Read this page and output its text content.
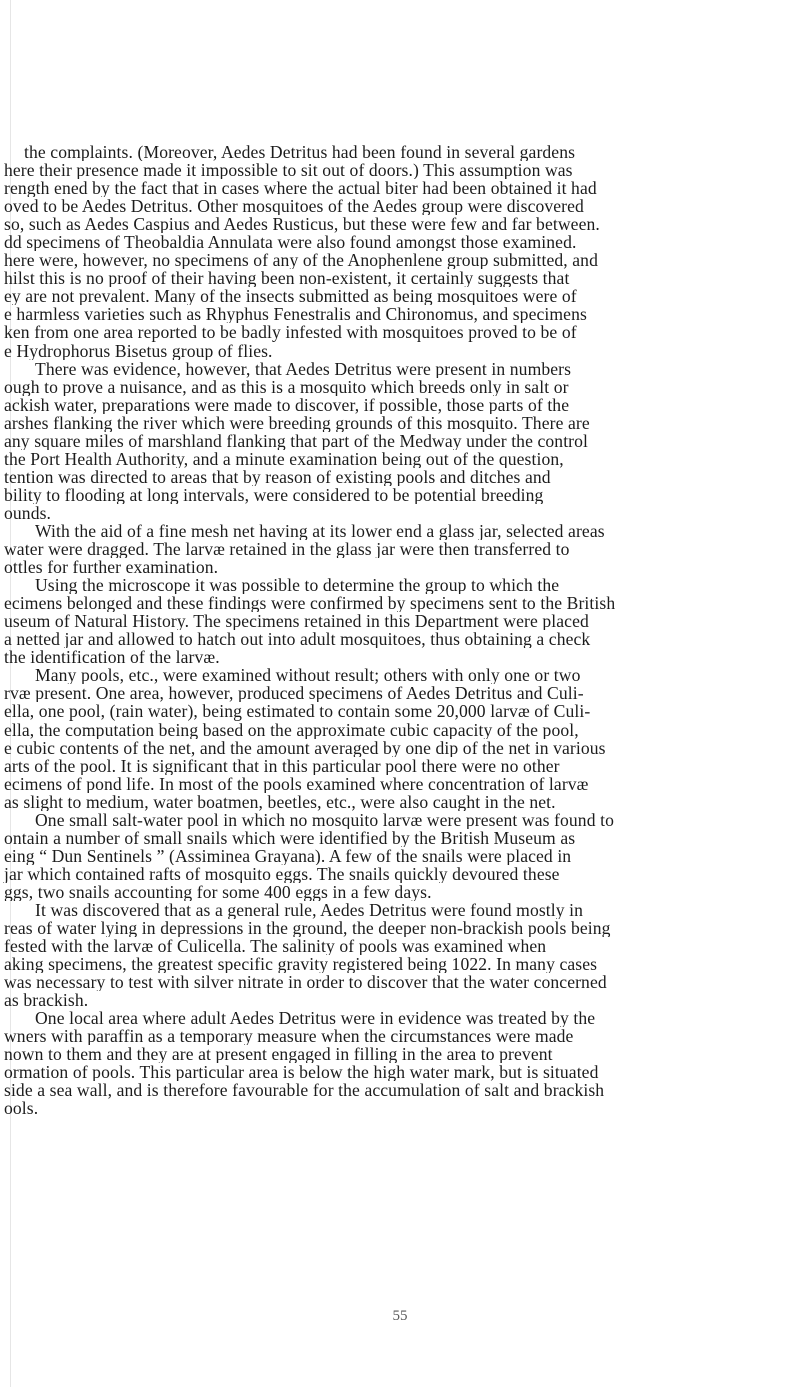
the complaints. (Moreover, Aedes Detritus had been found in several gardens
here their presence made it impossible to sit out of doors.) This assumption was
rength ened by the fact that in cases where the actual biter had been obtained it had
oved to be Aedes Detritus. Other mosquitoes of the Aedes group were discovered
so, such as Aedes Caspius and Aedes Rusticus, but these were few and far between.
dd specimens of Theobaldia Annulata were also found amongst those examined.
here were, however, no specimens of any of the Anophenlene group submitted, and
hilst this is no proof of their having been non-existent, it certainly suggests that
ey are not prevalent. Many of the insects submitted as being mosquitoes were of
e harmless varieties such as Rhyphus Fenestralis and Chironomus, and specimens
ken from one area reported to be badly infested with mosquitoes proved to be of
e Hydrophorus Bisetus group of flies.
There was evidence, however, that Aedes Detritus were present in numbers
ough to prove a nuisance, and as this is a mosquito which breeds only in salt or
ackish water, preparations were made to discover, if possible, those parts of the
arshes flanking the river which were breeding grounds of this mosquito. There are
any square miles of marshland flanking that part of the Medway under the control
the Port Health Authority, and a minute examination being out of the question,
tention was directed to areas that by reason of existing pools and ditches and
bility to flooding at long intervals, were considered to be potential breeding
ounds.
With the aid of a fine mesh net having at its lower end a glass jar, selected areas
water were dragged. The larvæ retained in the glass jar were then transferred to
ottles for further examination.
Using the microscope it was possible to determine the group to which the
ecimens belonged and these findings were confirmed by specimens sent to the British
useum of Natural History. The specimens retained in this Department were placed
a netted jar and allowed to hatch out into adult mosquitoes, thus obtaining a check
the identification of the larvæ.
Many pools, etc., were examined without result; others with only one or two
rvæ present. One area, however, produced specimens of Aedes Detritus and Culi-
ella, one pool, (rain water), being estimated to contain some 20,000 larvæ of Culi-
ella, the computation being based on the approximate cubic capacity of the pool,
e cubic contents of the net, and the amount averaged by one dip of the net in various
arts of the pool. It is significant that in this particular pool there were no other
ecimens of pond life. In most of the pools examined where concentration of larvæ
as slight to medium, water boatmen, beetles, etc., were also caught in the net.
One small salt-water pool in which no mosquito larvæ were present was found to
ontain a number of small snails which were identified by the British Museum as
eing “ Dun Sentinels ” (Assiminea Grayana). A few of the snails were placed in
jar which contained rafts of mosquito eggs. The snails quickly devoured these
ggs, two snails accounting for some 400 eggs in a few days.
It was discovered that as a general rule, Aedes Detritus were found mostly in
reas of water lying in depressions in the ground, the deeper non-brackish pools being
fested with the larvæ of Culicella. The salinity of pools was examined when
aking specimens, the greatest specific gravity registered being 1022. In many cases
was necessary to test with silver nitrate in order to discover that the water concerned
as brackish.
One local area where adult Aedes Detritus were in evidence was treated by the
wners with paraffin as a temporary measure when the circumstances were made
nown to them and they are at present engaged in filling in the area to prevent
ormation of pools. This particular area is below the high water mark, but is situated
side a sea wall, and is therefore favourable for the accumulation of salt and brackish
ools.
55
